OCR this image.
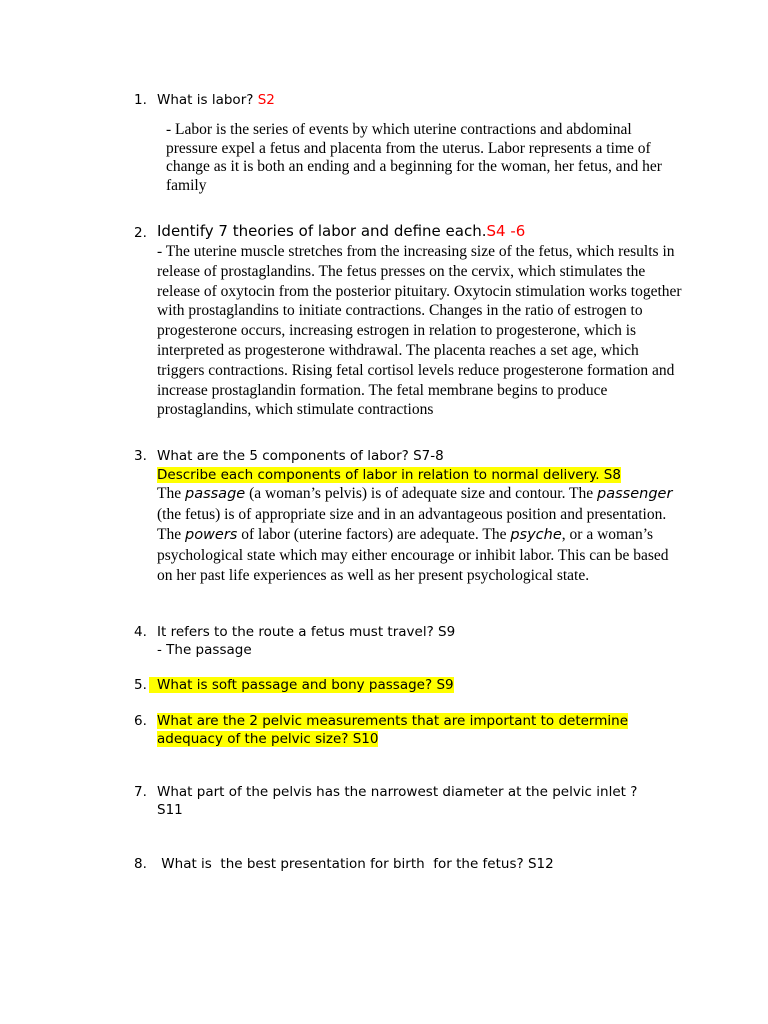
1. What is labor? S2
- Labor is the series of events by which uterine contractions and abdominal pressure expel a fetus and placenta from the uterus. Labor represents a time of change as it is both an ending and a beginning for the woman, her fetus, and her family
2. Identify 7 theories of labor and define each.S4 -6
- The uterine muscle stretches from the increasing size of the fetus, which results in release of prostaglandins. The fetus presses on the cervix, which stimulates the release of oxytocin from the posterior pituitary. Oxytocin stimulation works together with prostaglandins to initiate contractions. Changes in the ratio of estrogen to progesterone occurs, increasing estrogen in relation to progesterone, which is interpreted as progesterone withdrawal. The placenta reaches a set age, which triggers contractions. Rising fetal cortisol levels reduce progesterone formation and increase prostaglandin formation. The fetal membrane begins to produce prostaglandins, which stimulate contractions
3. What are the 5 components of labor? S7-8
Describe each components of labor in relation to normal delivery. S8
The passage (a woman’s pelvis) is of adequate size and contour. The passenger (the fetus) is of appropriate size and in an advantageous position and presentation. The powers of labor (uterine factors) are adequate. The psyche, or a woman’s psychological state which may either encourage or inhibit labor. This can be based on her past life experiences as well as her present psychological state.
4. It refers to the route a fetus must travel? S9
- The passage
5. What is soft passage and bony passage? S9
6. What are the 2 pelvic measurements that are important to determine adequacy of the pelvic size? S10
7. What part of the pelvis has the narrowest diameter at the pelvic inlet ? S11
8. What is  the best presentation for birth  for the fetus? S12
